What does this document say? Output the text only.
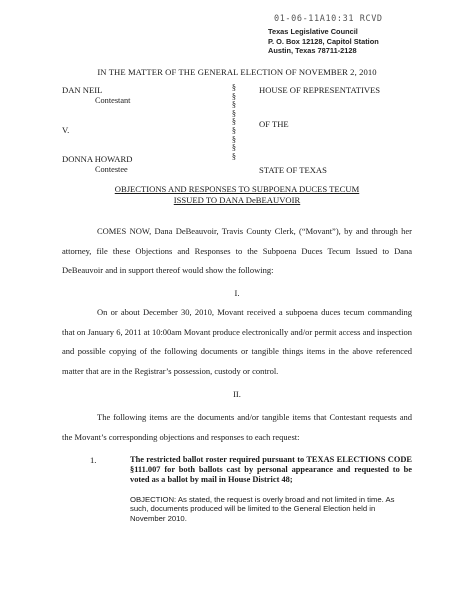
01-06-11A10:31 RCVD
Texas Legislative Council
P. O. Box 12128, Capitol Station
Austin, Texas 78711-2128
IN THE MATTER OF THE GENERAL ELECTION OF NOVEMBER 2, 2010
DAN NEIL
Contestant
V.
DONNA HOWARD
Contestee
§
§
§
§
§
§
§
§
§
HOUSE OF REPRESENTATIVES
OF THE
STATE OF TEXAS
OBJECTIONS AND RESPONSES TO SUBPOENA DUCES TECUM
ISSUED TO DANA DeBEAUVOIR
COMES NOW, Dana DeBeauvoir, Travis County Clerk, (“Movant”), by and through her attorney, file these Objections and Responses to the Subpoena Duces Tecum Issued to Dana DeBeauvoir and in support thereof would show the following:
I.
On or about December 30, 2010, Movant received a subpoena duces tecum commanding that on January 6, 2011 at 10:00am Movant produce electronically and/or permit access and inspection and possible copying of the following documents or tangible things items in the above referenced matter that are in the Registrar’s possession, custody or control.
II.
The following items are the documents and/or tangible items that Contestant requests and the Movant’s corresponding objections and responses to each request:
1.	The restricted ballot roster required pursuant to TEXAS ELECTIONS CODE §111.007 for both ballots cast by personal appearance and requested to be voted as a ballot by mail in House District 48;
OBJECTION: As stated, the request is overly broad and not limited in time. As such, documents produced will be limited to the General Election held in November 2010.
